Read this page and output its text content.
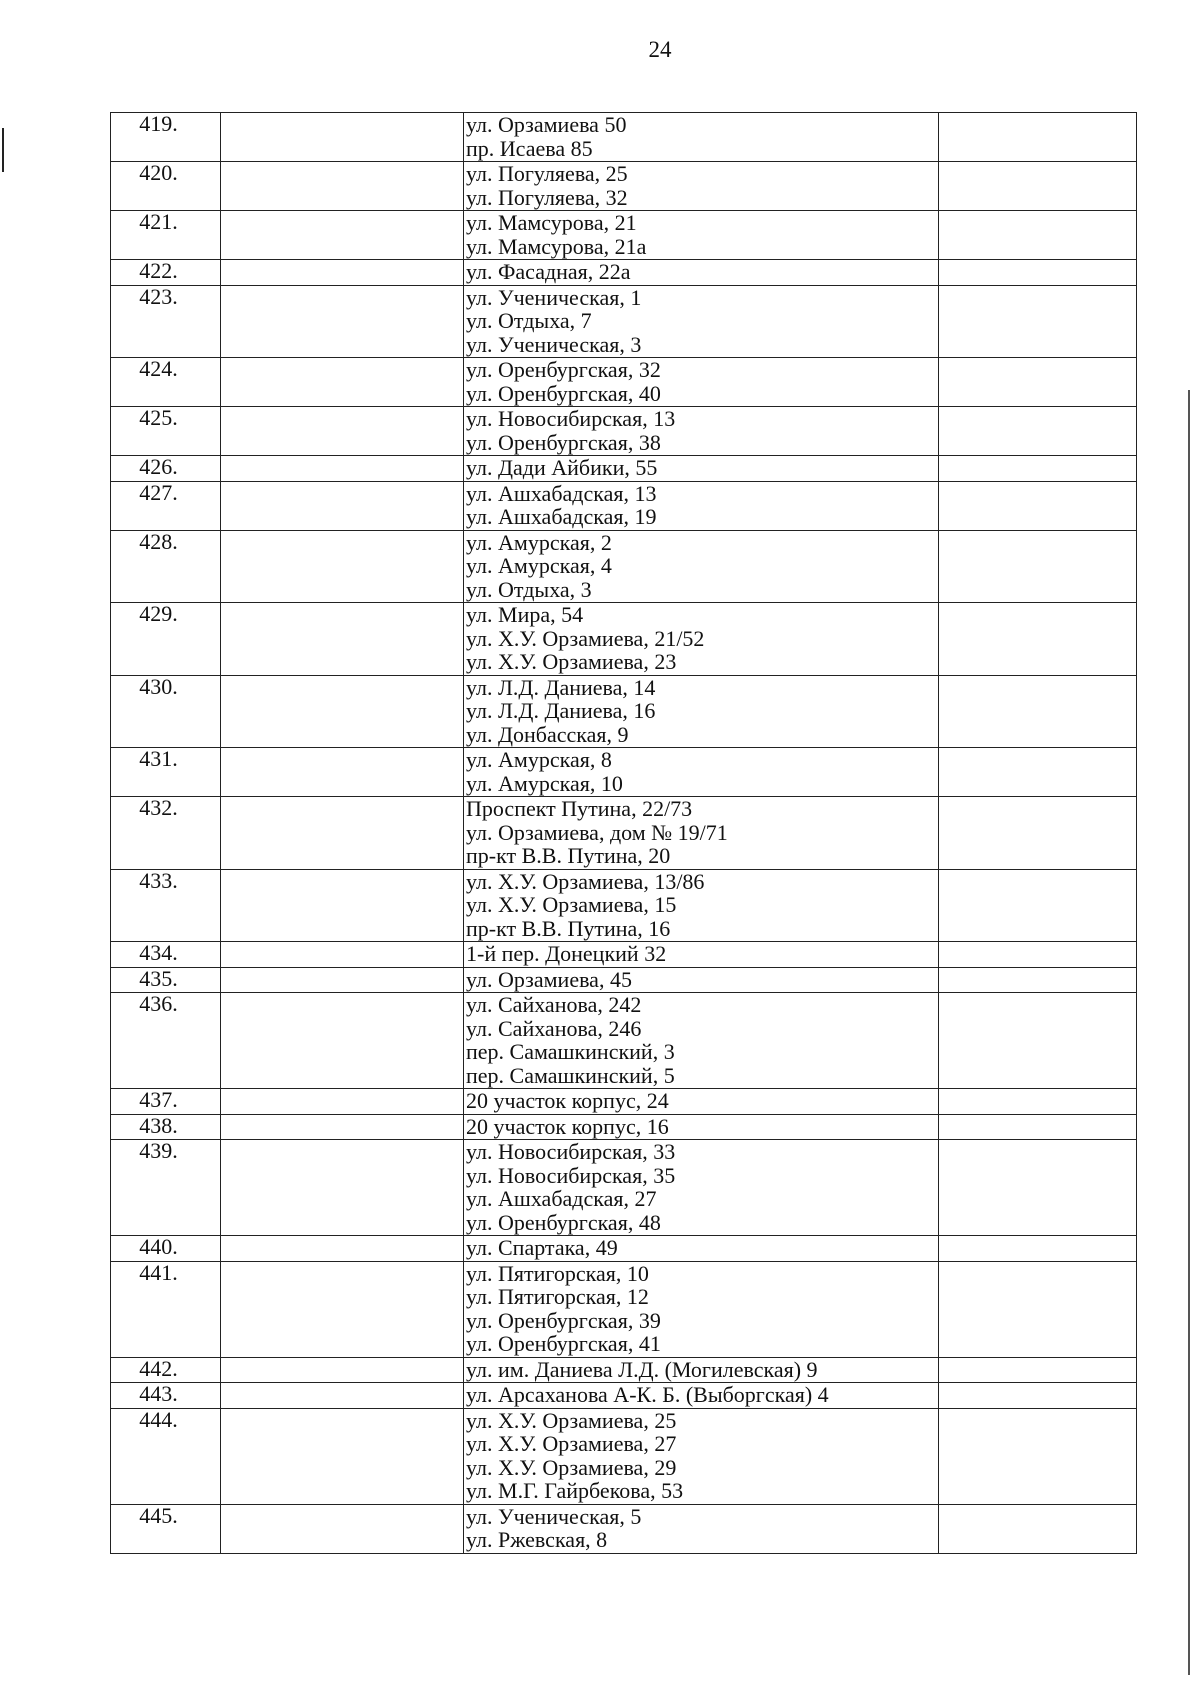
24
419.		ул. Орзамиева 50
пр. Исаева 85	

420.		ул. Погуляева, 25
ул. Погуляева, 32	

421.		ул. Мамсурова, 21
ул. Мамсурова, 21а	

422.		ул. Фасадная, 22а	

423.		ул. Ученическая, 1
ул. Отдыха, 7
ул. Ученическая, 3	

424.		ул. Оренбургская, 32
ул. Оренбургская, 40	

425.		ул. Новосибирская, 13
ул. Оренбургская, 38	

426.		ул. Дади Айбики, 55	

427.		ул. Ашхабадская, 13
ул. Ашхабадская, 19	

428.		ул. Амурская, 2
ул. Амурская, 4
ул. Отдыха, 3	

429.		ул. Мира, 54
ул. Х.У. Орзамиева, 21/52
ул. Х.У. Орзамиева, 23	

430.		ул. Л.Д. Даниева, 14
ул. Л.Д. Даниева, 16
ул. Донбасская, 9	

431.		ул. Амурская, 8
ул. Амурская, 10	

432.		Проспект Путина, 22/73
ул. Орзамиева, дом № 19/71
пр-кт В.В. Путина, 20	

433.		ул. Х.У. Орзамиева, 13/86
ул. Х.У. Орзамиева, 15
пр-кт В.В. Путина, 16	

434.		1-й пер. Донецкий 32	

435.		ул. Орзамиева, 45	

436.		ул. Сайханова, 242
ул. Сайханова, 246
пер. Самашкинский, 3
пер. Самашкинский, 5	

437.		20 участок корпус, 24	

438.		20 участок корпус, 16	

439.		ул. Новосибирская, 33
ул. Новосибирская, 35
ул. Ашхабадская, 27
ул. Оренбургская, 48	

440.		ул. Спартака, 49	

441.		ул. Пятигорская, 10
ул. Пятигорская, 12
ул. Оренбургская, 39
ул. Оренбургская, 41	

442.		ул. им. Даниева Л.Д. (Могилевская) 9	

443.		ул. Арсаханова А-К. Б. (Выборгская) 4	

444.		ул. Х.У. Орзамиева, 25
ул. Х.У. Орзамиева, 27
ул. Х.У. Орзамиева, 29
ул. М.Г. Гайрбекова, 53	

445.		ул. Ученическая, 5
ул. Ржевская, 8	
